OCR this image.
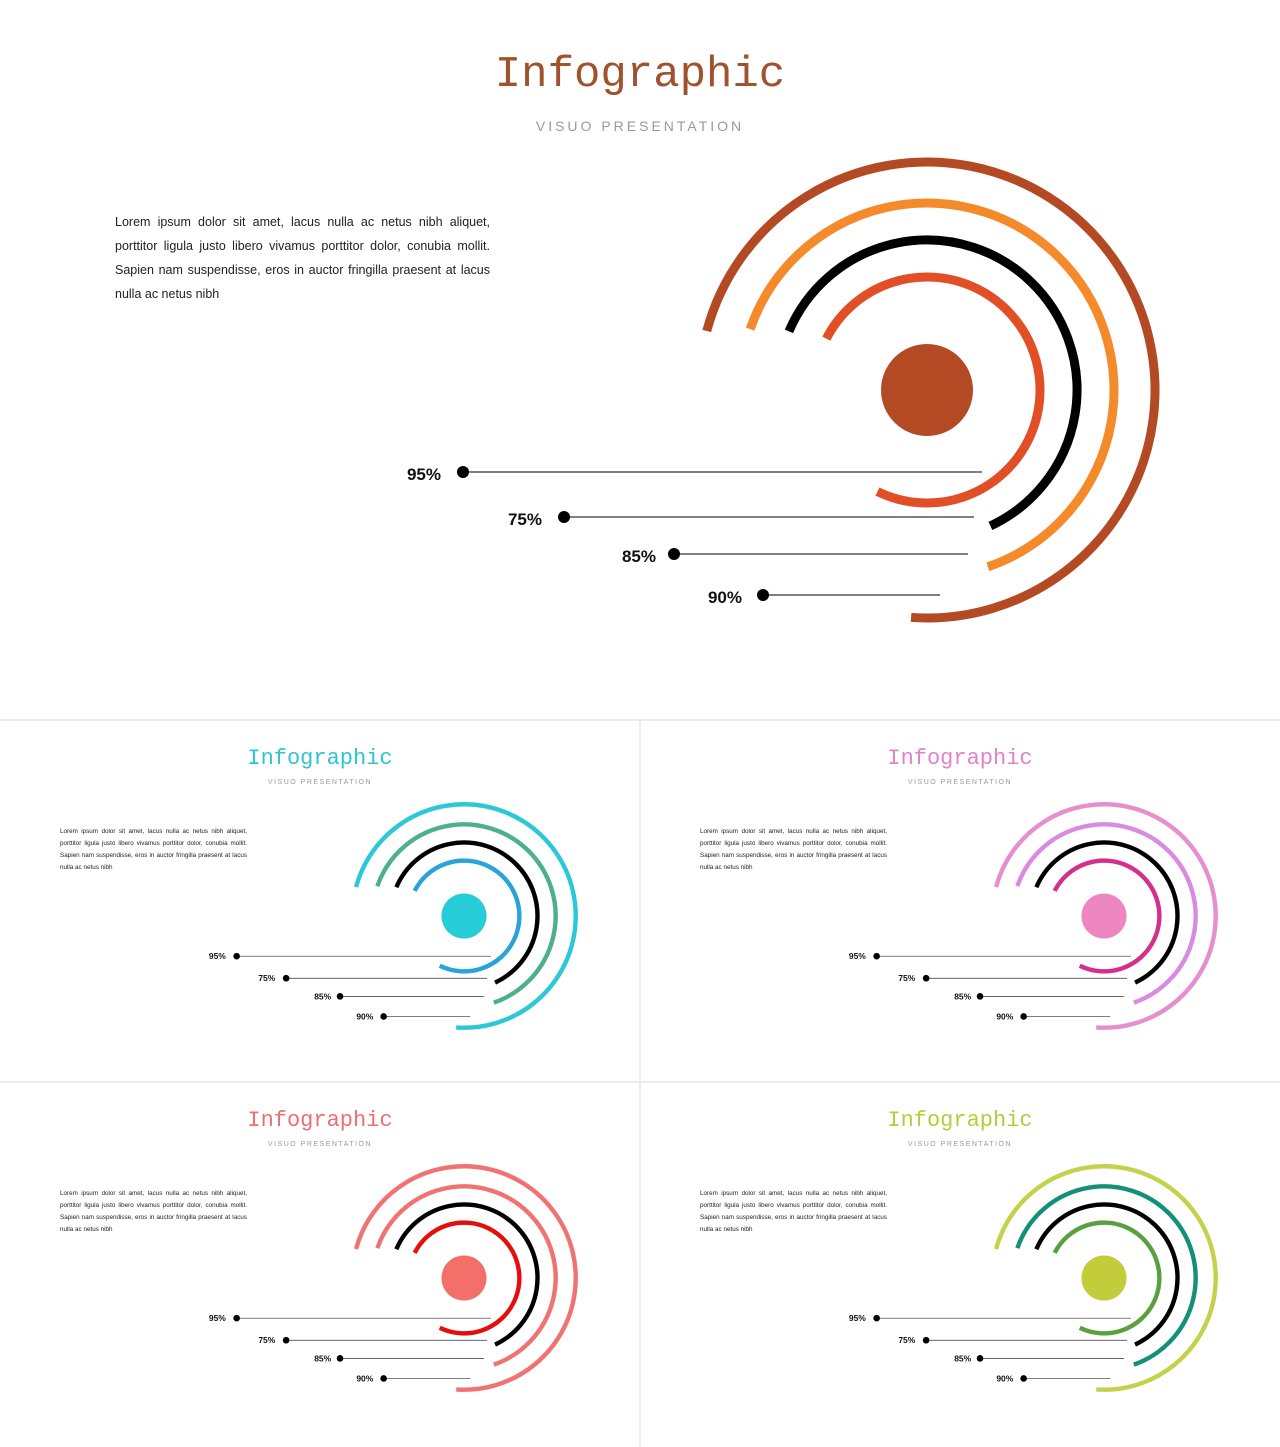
Infographic
VISUO PRESENTATION
Lorem ipsum dolor sit amet, lacus nulla ac netus nibh aliquet, porttitor ligula justo libero vivamus porttitor dolor, conubia mollit. Sapien nam suspendisse, eros in auctor fringilla praesent at lacus nulla ac netus nibh
95%
75%
85%
90%
Infographic
VISUO PRESENTATION
Lorem ipsum dolor sit amet, lacus nulla ac netus nibh aliquet, porttitor ligula justo libero vivamus porttitor dolor, conubia mollit. Sapien nam suspendisse, eros in auctor fringilla praesent at lacus nulla ac netus nibh
95%
75%
85%
90%
Infographic
VISUO PRESENTATION
Lorem ipsum dolor sit amet, lacus nulla ac netus nibh aliquet, porttitor ligula justo libero vivamus porttitor dolor, conubia mollit. Sapien nam suspendisse, eros in auctor fringilla praesent at lacus nulla ac netus nibh
95%
75%
85%
90%
Infographic
VISUO PRESENTATION
Lorem ipsum dolor sit amet, lacus nulla ac netus nibh aliquet, porttitor ligula justo libero vivamus porttitor dolor, conubia mollit. Sapien nam suspendisse, eros in auctor fringilla praesent at lacus nulla ac netus nibh
95%
75%
85%
90%
Infographic
VISUO PRESENTATION
Lorem ipsum dolor sit amet, lacus nulla ac netus nibh aliquet, porttitor ligula justo libero vivamus porttitor dolor, conubia mollit. Sapien nam suspendisse, eros in auctor fringilla praesent at lacus nulla ac netus nibh
95%
75%
85%
90%
